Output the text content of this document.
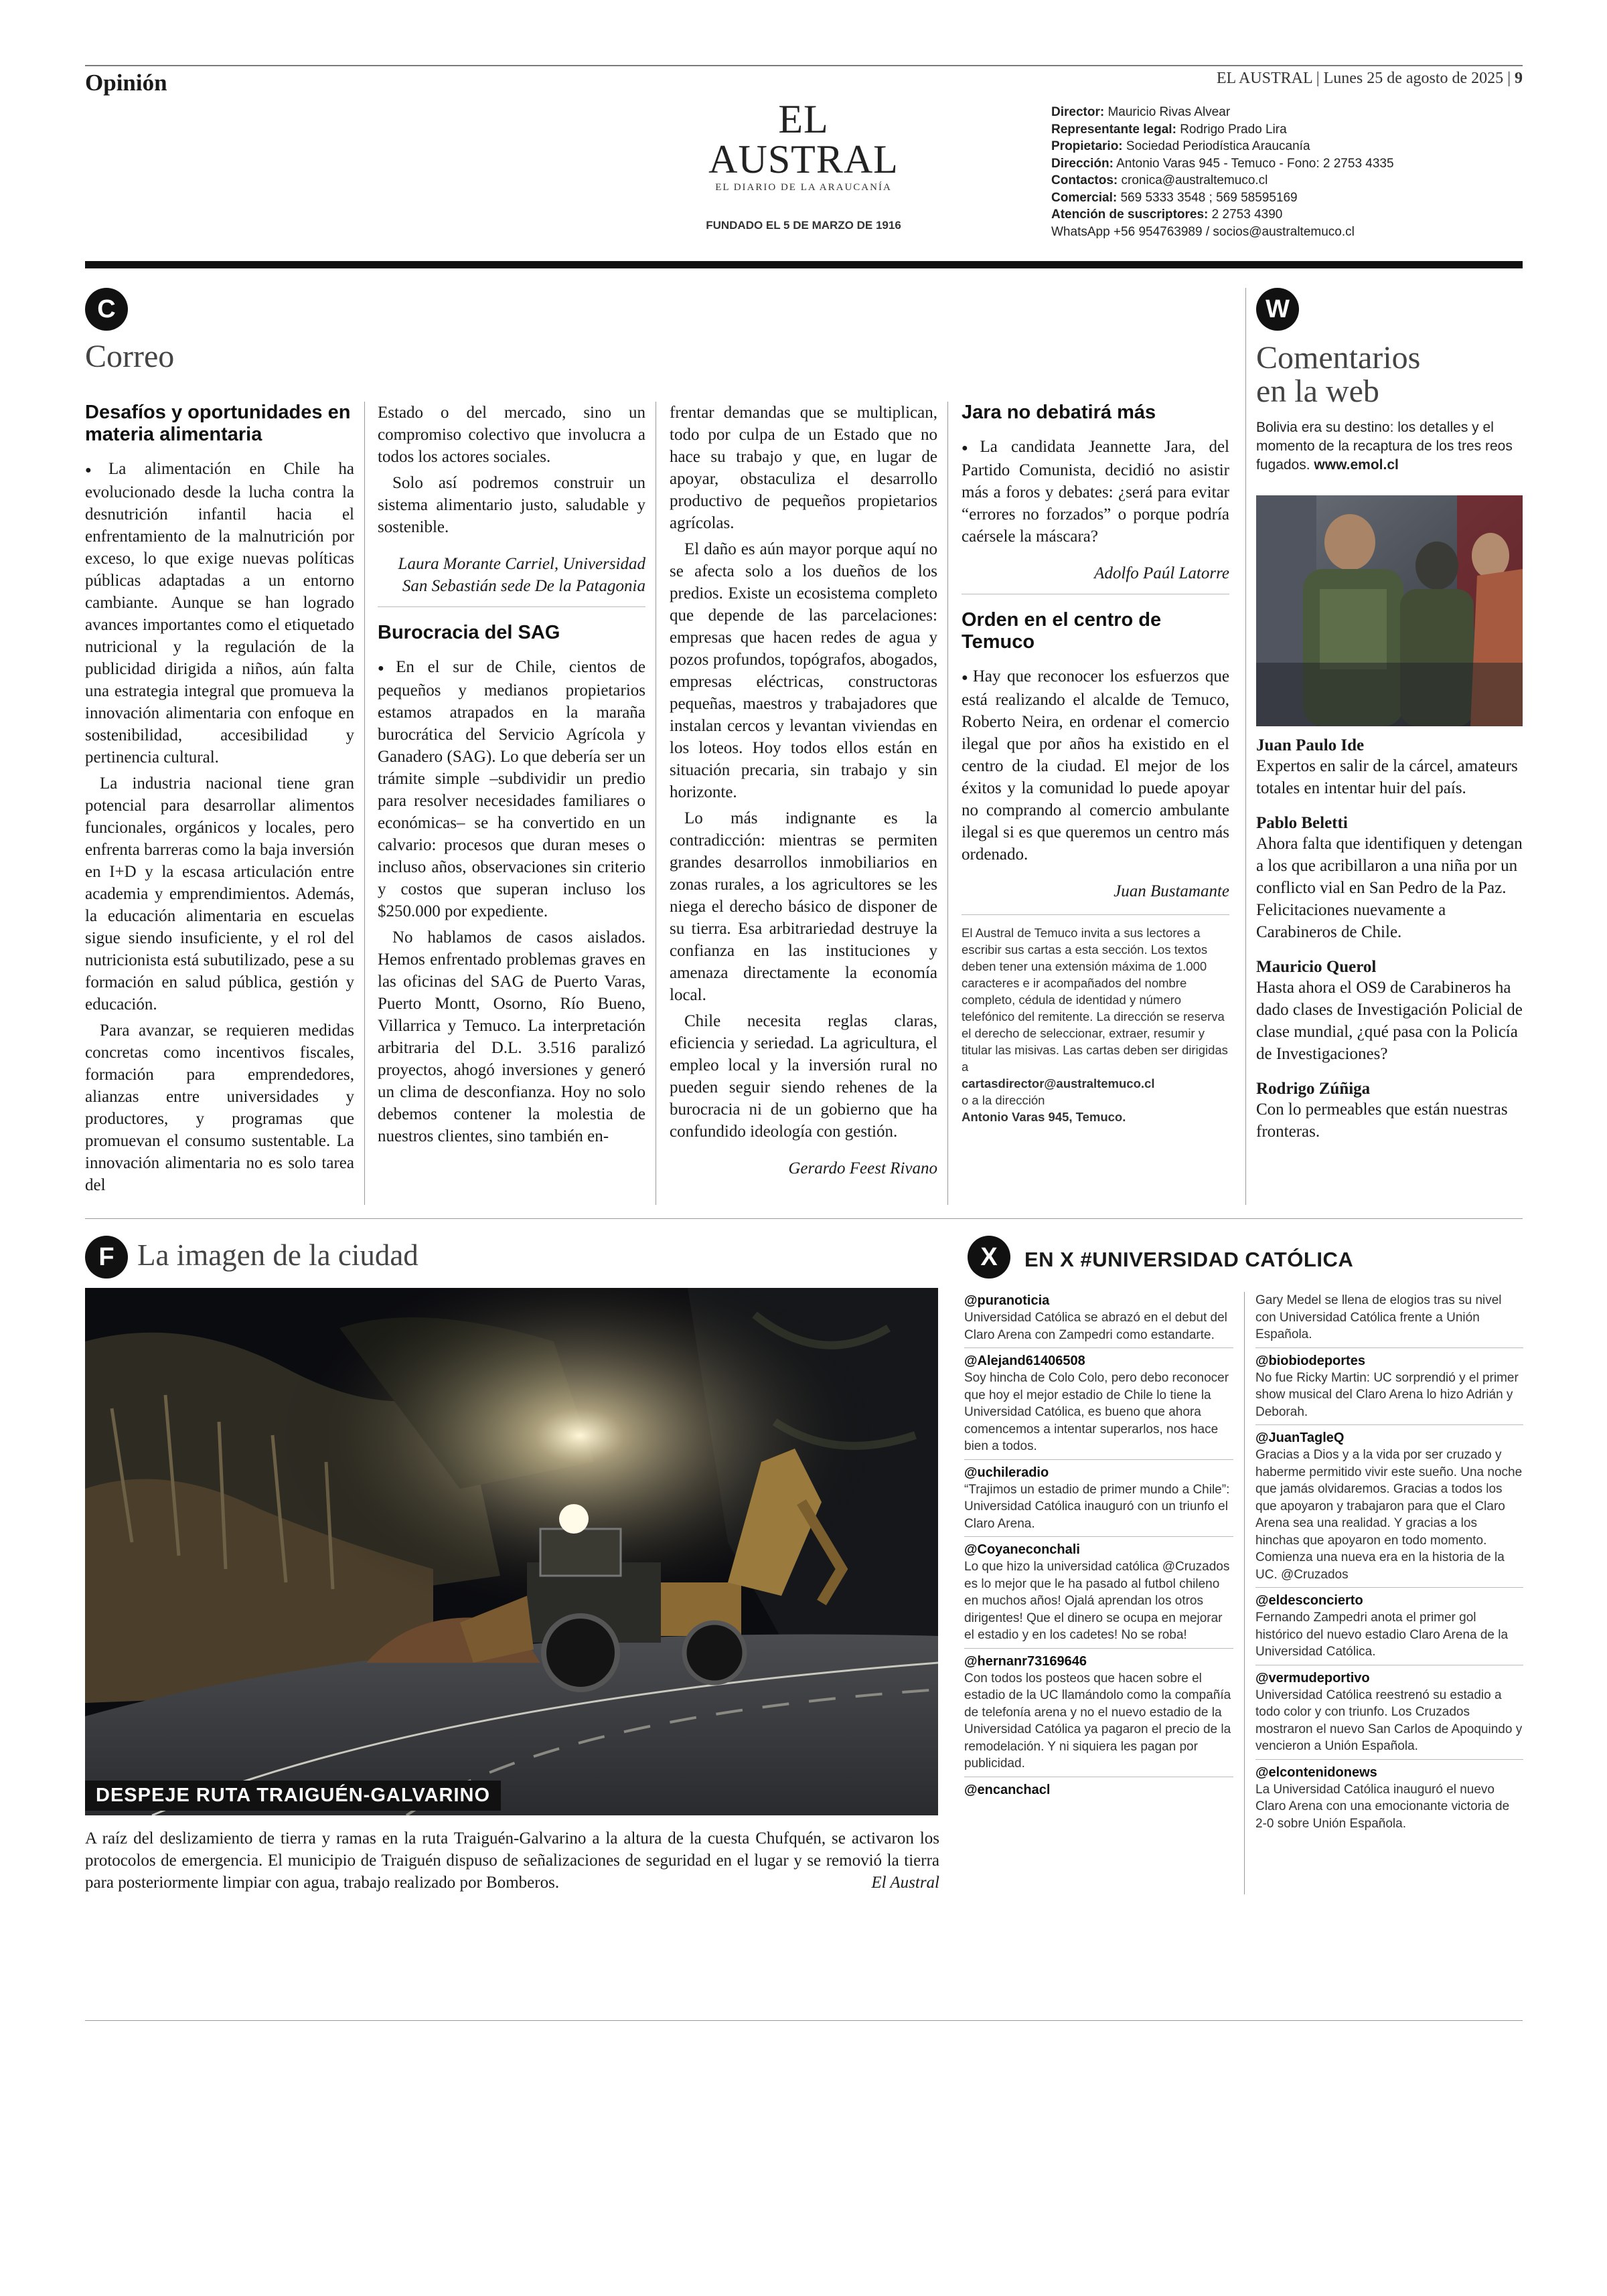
Opinión	EL AUSTRAL | Lunes 25 de agosto de 2025 | 9
EL AUSTRAL
EL DIARIO DE LA ARAUCANÍA
FUNDADO EL 5 DE MARZO DE 1916
Director: Mauricio Rivas Alvear
Representante legal: Rodrigo Prado Lira
Propietario: Sociedad Periodística Araucanía
Dirección: Antonio Varas 945 - Temuco - Fono: 2 2753 4335
Contactos: cronica@australtemuco.cl
Comercial: 569 5333 3548 ; 569 58595169
Atención de suscriptores: 2 2753 4390
WhatsApp +56 954763989 / socios@australtemuco.cl
C
Correo
Desafíos y oportunidades en materia alimentaria

● La alimentación en Chile ha evolucionado desde la lucha contra la desnutrición infantil hacia el enfrentamiento de la malnutrición por exceso, lo que exige nuevas políticas públicas adaptadas a un entorno cambiante. Aunque se han logrado avances importantes como el etiquetado nutricional y la regulación de la publicidad dirigida a niños, aún falta una estrategia integral que promueva la innovación alimentaria con enfoque en sostenibilidad, accesibilidad y pertinencia cultural.

La industria nacional tiene gran potencial para desarrollar alimentos funcionales, orgánicos y locales, pero enfrenta barreras como la baja inversión en I+D y la escasa articulación entre academia y emprendimientos. Además, la educación alimentaria en escuelas sigue siendo insuficiente, y el rol del nutricionista está subutilizado, pese a su formación en salud pública, gestión y educación.

Para avanzar, se requieren medidas concretas como incentivos fiscales, formación para emprendedores, alianzas entre universidades y productores, y programas que promuevan el consumo sustentable. La innovación alimentaria no es solo tarea del

Estado o del mercado, sino un compromiso colectivo que involucra a todos los actores sociales.

Solo así podremos construir un sistema alimentario justo, saludable y sostenible.

Laura Morante Carriel, Universidad San Sebastián sede De la Patagonia
Burocracia del SAG

● En el sur de Chile, cientos de pequeños y medianos propietarios estamos atrapados en la maraña burocrática del Servicio Agrícola y Ganadero (SAG). Lo que debería ser un trámite simple –subdividir un predio para resolver necesidades familiares o económicas– se ha convertido en un calvario: procesos que duran meses o incluso años, observaciones sin criterio y costos que superan incluso los $250.000 por expediente.

No hablamos de casos aislados. Hemos enfrentado problemas graves en las oficinas del SAG de Puerto Varas, Puerto Montt, Osorno, Río Bueno, Villarrica y Temuco. La interpretación arbitraria del D.L. 3.516 paralizó proyectos, ahogó inversiones y generó un clima de desconfianza. Hoy no solo debemos contener la molestia de nuestros clientes, sino también en-

frentar demandas que se multiplican, todo por culpa de un Estado que no hace su trabajo y que, en lugar de apoyar, obstaculiza el desarrollo productivo de pequeños propietarios agrícolas.

El daño es aún mayor porque aquí no se afecta solo a los dueños de los predios. Existe un ecosistema completo que depende de las parcelaciones: empresas que hacen redes de agua y pozos profundos, topógrafos, abogados, empresas eléctricas, constructoras pequeñas, maestros y trabajadores que instalan cercos y levantan viviendas en los loteos. Hoy todos ellos están en situación precaria, sin trabajo y sin horizonte.

Lo más indignante es la contradicción: mientras se permiten grandes desarrollos inmobiliarios en zonas rurales, a los agricultores se les niega el derecho básico de disponer de su tierra. Esa arbitrariedad destruye la confianza en las instituciones y amenaza directamente la economía local.

Chile necesita reglas claras, eficiencia y seriedad. La agricultura, el empleo local y la inversión rural no pueden seguir siendo rehenes de la burocracia ni de un gobierno que ha confundido ideología con gestión.

Gerardo Feest Rivano
Jara no debatirá más

● La candidata Jeannette Jara, del Partido Comunista, decidió no asistir más a foros y debates: ¿será para evitar “errores no forzados” o porque podría caérsele la máscara?

Adolfo Paúl Latorre
Orden en el centro de Temuco

● Hay que reconocer los esfuerzos que está realizando el alcalde de Temuco, Roberto Neira, en ordenar el comercio ilegal que por años ha existido en el centro de la ciudad. El mejor de los éxitos y la comunidad lo puede apoyar no comprando al comercio ambulante ilegal si es que queremos un centro más ordenado.

Juan Bustamante
El Austral de Temuco invita a sus lectores a escribir sus cartas a esta sección. Los textos deben tener una extensión máxima de 1.000 caracteres e ir acompañados del nombre completo, cédula de identidad y número telefónico del remitente. La dirección se reserva el derecho de seleccionar, extraer, resumir y titular las misivas. Las cartas deben ser dirigidas a
cartasdirector@australtemuco.cl
o a la dirección
Antonio Varas 945, Temuco.
W
Comentarios
en la web
Bolivia era su destino: los detalles y el momento de la recaptura de los tres reos fugados. www.emol.cl
Juan Paulo Ide
Expertos en salir de la cárcel, amateurs totales en intentar huir del país.
Pablo Beletti
Ahora falta que identifiquen y detengan a los que acribillaron a una niña por un conflicto vial en San Pedro de la Paz. Felicitaciones nuevamente a Carabineros de Chile.
Mauricio Querol
Hasta ahora el OS9 de Carabineros ha dado clases de Investigación Policial de clase mundial, ¿qué pasa con la Policía de Investigaciones?
Rodrigo Zúñiga
Con lo permeables que están nuestras fronteras.
F La imagen de la ciudad
DESPEJE RUTA TRAIGUÉN-GALVARINO
A raíz del deslizamiento de tierra y ramas en la ruta Traiguén-Galvarino a la altura de la cuesta Chufquén, se activaron los protocolos de emergencia. El municipio de Traiguén dispuso de señalizaciones de seguridad en el lugar y se removió la tierra para posteriormente limpiar con agua, trabajo realizado por Bomberos.	El Austral
X	EN X #UNIVERSIDAD CATÓLICA
@puranoticia
Universidad Católica se abrazó en el debut del Claro Arena con Zampedri como estandarte.
@Alejand61406508
Soy hincha de Colo Colo, pero debo reconocer que hoy el mejor estadio de Chile lo tiene la Universidad Católica, es bueno que ahora comencemos a intentar superarlos, nos hace bien a todos.
@uchileradio
“Trajimos un estadio de primer mundo a Chile”: Universidad Católica inauguró con un triunfo el Claro Arena.
@Coyaneconchali
Lo que hizo la universidad católica @Cruzados es lo mejor que le ha pasado al futbol chileno en muchos años! Ojalá aprendan los otros dirigentes! Que el dinero se ocupa en mejorar el estadio y en los cadetes! No se roba!
@hernanr73169646
Con todos los posteos que hacen sobre el estadio de la UC llamándolo como la compañía de telefonía arena y no el nuevo estadio de la Universidad Católica ya pagaron el precio de la remodelación. Y ni siquiera les pagan por publicidad.
@encanchacl
Gary Medel se llena de elogios tras su nivel con Universidad Católica frente a Unión Española.
@biobiodeportes
No fue Ricky Martin: UC sorprendió y el primer show musical del Claro Arena lo hizo Adrián y Deborah.
@JuanTagleQ
Gracias a Dios y a la vida por ser cruzado y haberme permitido vivir este sueño. Una noche que jamás olvidaremos. Gracias a todos los que apoyaron y trabajaron para que el Claro Arena sea una realidad. Y gracias a los hinchas que apoyaron en todo momento. Comienza una nueva era en la historia de la UC. @Cruzados
@eldesconcierto
Fernando Zampedri anota el primer gol histórico del nuevo estadio Claro Arena de la Universidad Católica.
@vermudeportivo
Universidad Católica reestrenó su estadio a todo color y con triunfo. Los Cruzados mostraron el nuevo San Carlos de Apoquindo y vencieron a Unión Española.
@elcontenidonews
La Universidad Católica inauguró el nuevo Claro Arena con una emocionante victoria de 2-0 sobre Unión Española.
